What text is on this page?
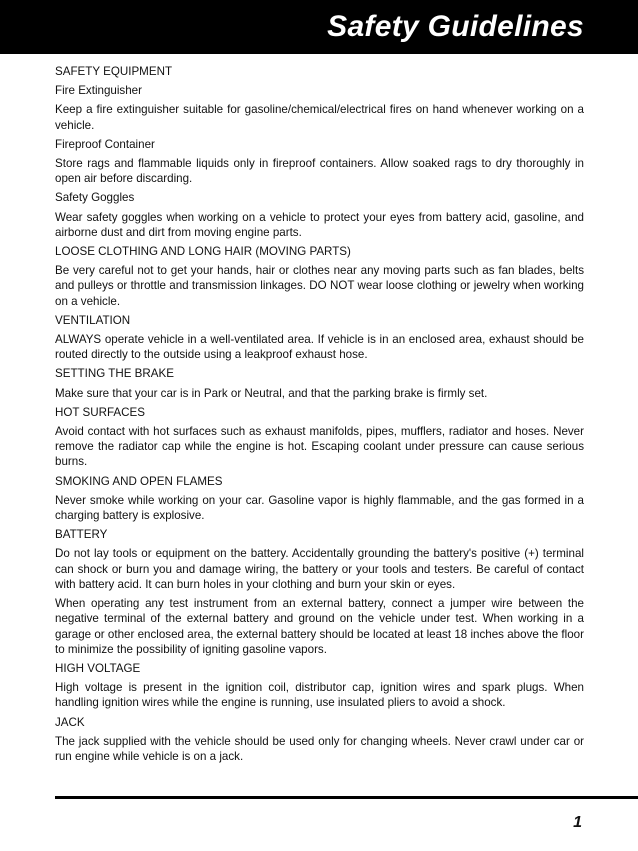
Safety Guidelines

SAFETY EQUIPMENT

Fire Extinguisher

Keep a fire extinguisher suitable for gasoline/chemical/electrical fires on hand whenever working on a vehicle.

Fireproof Container

Store rags and flammable liquids only in fireproof containers. Allow soaked rags to dry thoroughly in open air before discarding.

Safety Goggles

Wear safety goggles when working on a vehicle to protect your eyes from battery acid, gasoline, and airborne dust and dirt from moving engine parts.

LOOSE CLOTHING AND LONG HAIR (MOVING PARTS)

Be very careful not to get your hands, hair or clothes near any moving parts such as fan blades, belts and pulleys or throttle and transmission linkages. DO NOT wear loose clothing or jewelry when working on a vehicle.

VENTILATION

ALWAYS operate vehicle in a well-ventilated area. If vehicle is in an enclosed area, exhaust should be routed directly to the outside using a leakproof exhaust hose.

SETTING THE BRAKE

Make sure that your car is in Park or Neutral, and that the parking brake is firmly set.

HOT SURFACES

Avoid contact with hot surfaces such as exhaust manifolds, pipes, mufflers, radiator and hoses. Never remove the radiator cap while the engine is hot. Escaping coolant under pressure can cause serious burns.

SMOKING AND OPEN FLAMES

Never smoke while working on your car. Gasoline vapor is highly flammable, and the gas formed in a charging battery is explosive.

BATTERY

Do not lay tools or equipment on the battery. Accidentally grounding the battery's positive (+) terminal can shock or burn you and damage wiring, the battery or your tools and testers. Be careful of contact with battery acid. It can burn holes in your clothing and burn your skin or eyes.

When operating any test instrument from an external battery, connect a jumper wire between the negative terminal of the external battery and ground on the vehicle under test. When working in a garage or other enclosed area, the external battery should be located at least 18 inches above the floor to minimize the possibility of igniting gasoline vapors.

HIGH VOLTAGE

High voltage is present in the ignition coil, distributor cap, ignition wires and spark plugs. When handling ignition wires while the engine is running, use insulated pliers to avoid a shock.

JACK

The jack supplied with the vehicle should be used only for changing wheels. Never crawl under car or run engine while vehicle is on a jack.

1
